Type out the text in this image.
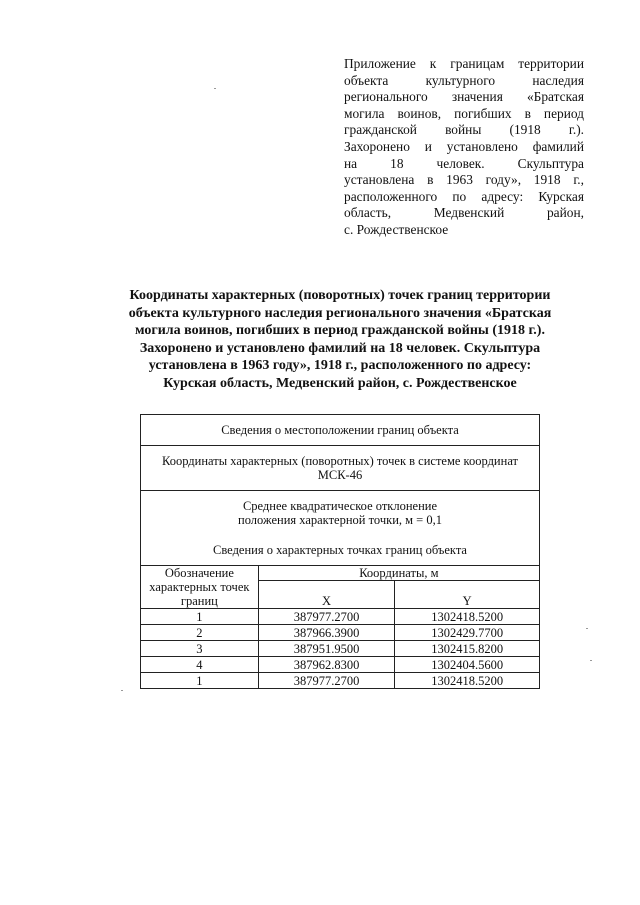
Приложение к границам территории
объекта культурного наследия
регионального значения «Братская
могила воинов, погибших в период
гражданской войны (1918 г.).
Захоронено и установлено фамилий
на 18 человек. Скульптура
установлена в 1963 году», 1918 г.,
расположенного по адресу: Курская
область, Медвенский район,
с. Рождественское
Координаты характерных (поворотных) точек границ территории
объекта культурного наследия регионального значения «Братская
могила воинов, погибших в период гражданской войны (1918 г.).
Захоронено и установлено фамилий на 18 человек. Скульптура
установлена в 1963 году», 1918 г., расположенного по адресу:
Курская область, Медвенский район, с. Рождественское
Сведения о местоположении границ объекта		
Координаты характерных (поворотных) точек в системе координат МСК-46		

Среднее квадратическое отклонение
положения характерной точки, м = 0,1
Сведения о характерных точках границ объекта		

Обозначение
характерных точек
границ	Координаты, м	
	X	Y

1	387977.2700	1302418.5200
2	387966.3900	1302429.7700
3	387951.9500	1302415.8200
4	387962.8300	1302404.5600
1	387977.2700	1302418.5200
